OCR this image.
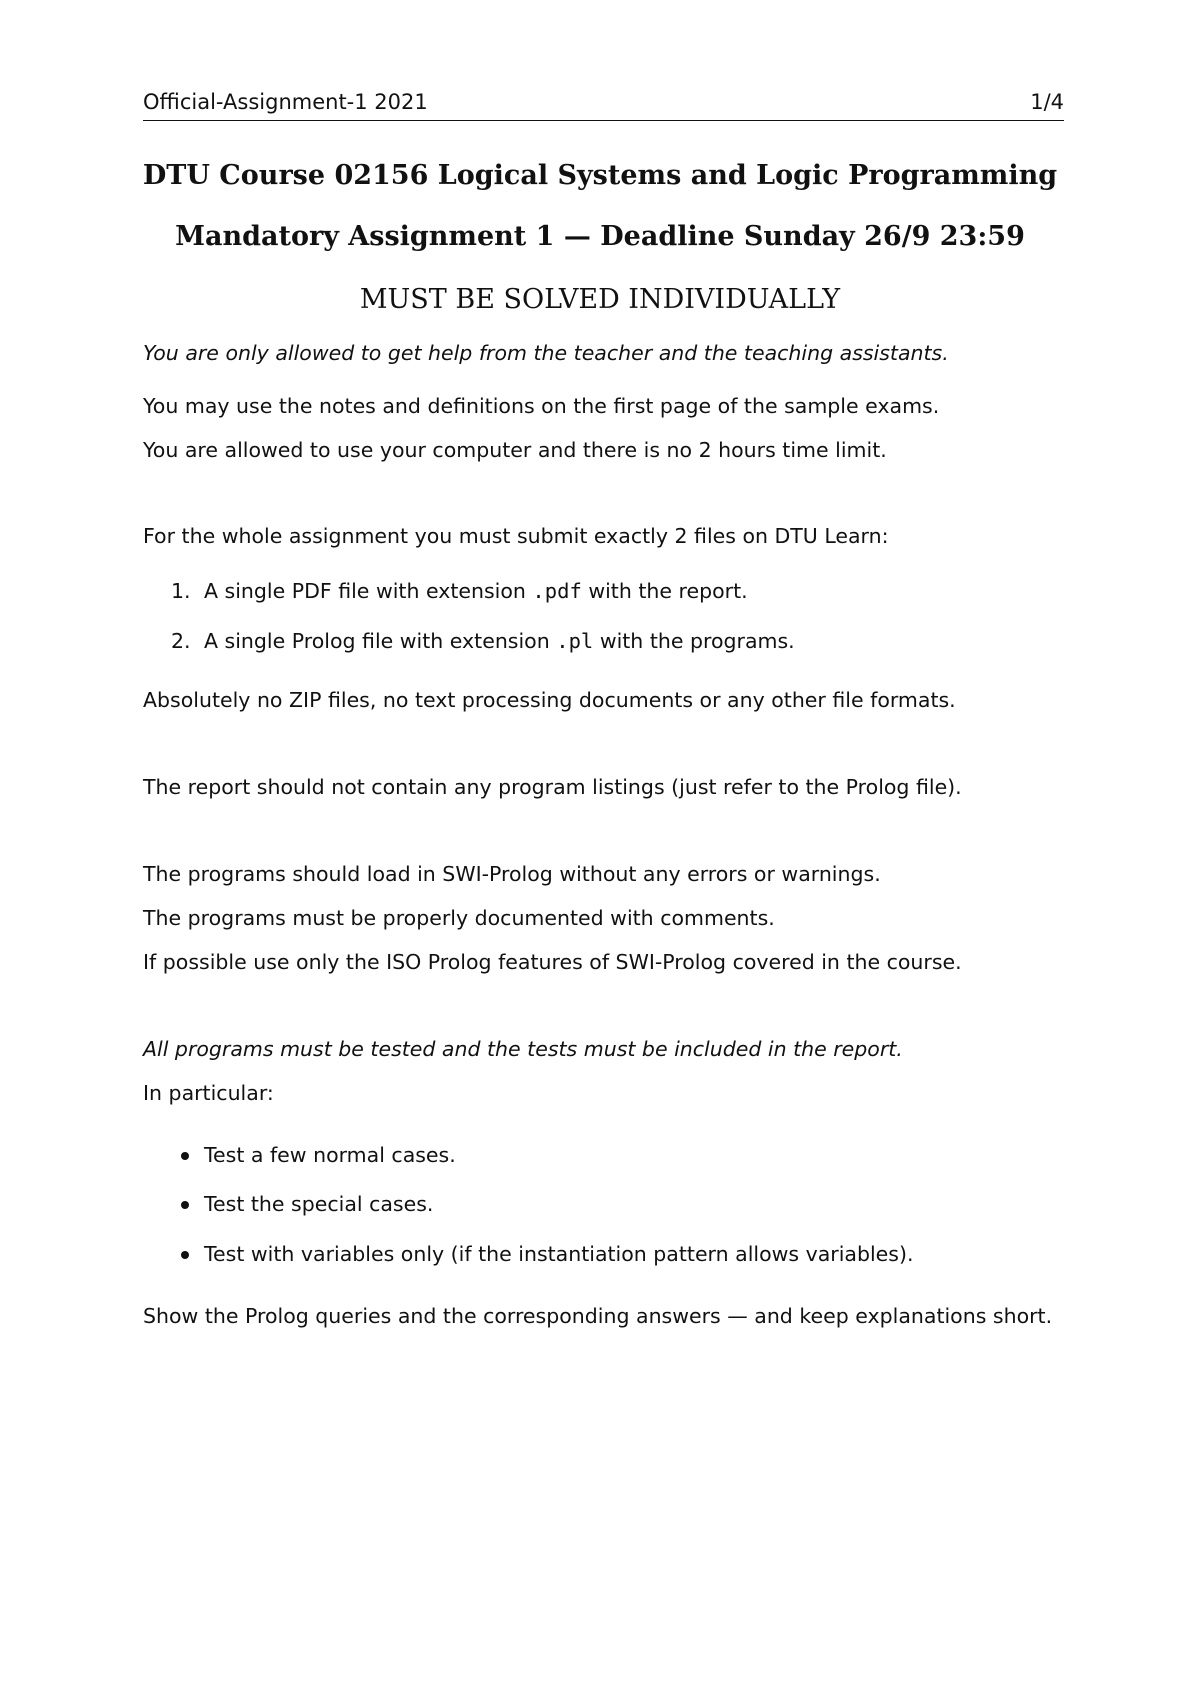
Official-Assignment-1 2021	1/4
DTU Course 02156 Logical Systems and Logic Programming
Mandatory Assignment 1 — Deadline Sunday 26/9 23:59
MUST BE SOLVED INDIVIDUALLY
You are only allowed to get help from the teacher and the teaching assistants.
You may use the notes and definitions on the first page of the sample exams.
You are allowed to use your computer and there is no 2 hours time limit.
For the whole assignment you must submit exactly 2 files on DTU Learn:
1. A single PDF file with extension .pdf with the report.
2. A single Prolog file with extension .pl with the programs.
Absolutely no ZIP files, no text processing documents or any other file formats.
The report should not contain any program listings (just refer to the Prolog file).
The programs should load in SWI-Prolog without any errors or warnings.
The programs must be properly documented with comments.
If possible use only the ISO Prolog features of SWI-Prolog covered in the course.
All programs must be tested and the tests must be included in the report.
In particular:
Test a few normal cases.
Test the special cases.
Test with variables only (if the instantiation pattern allows variables).
Show the Prolog queries and the corresponding answers — and keep explanations short.
